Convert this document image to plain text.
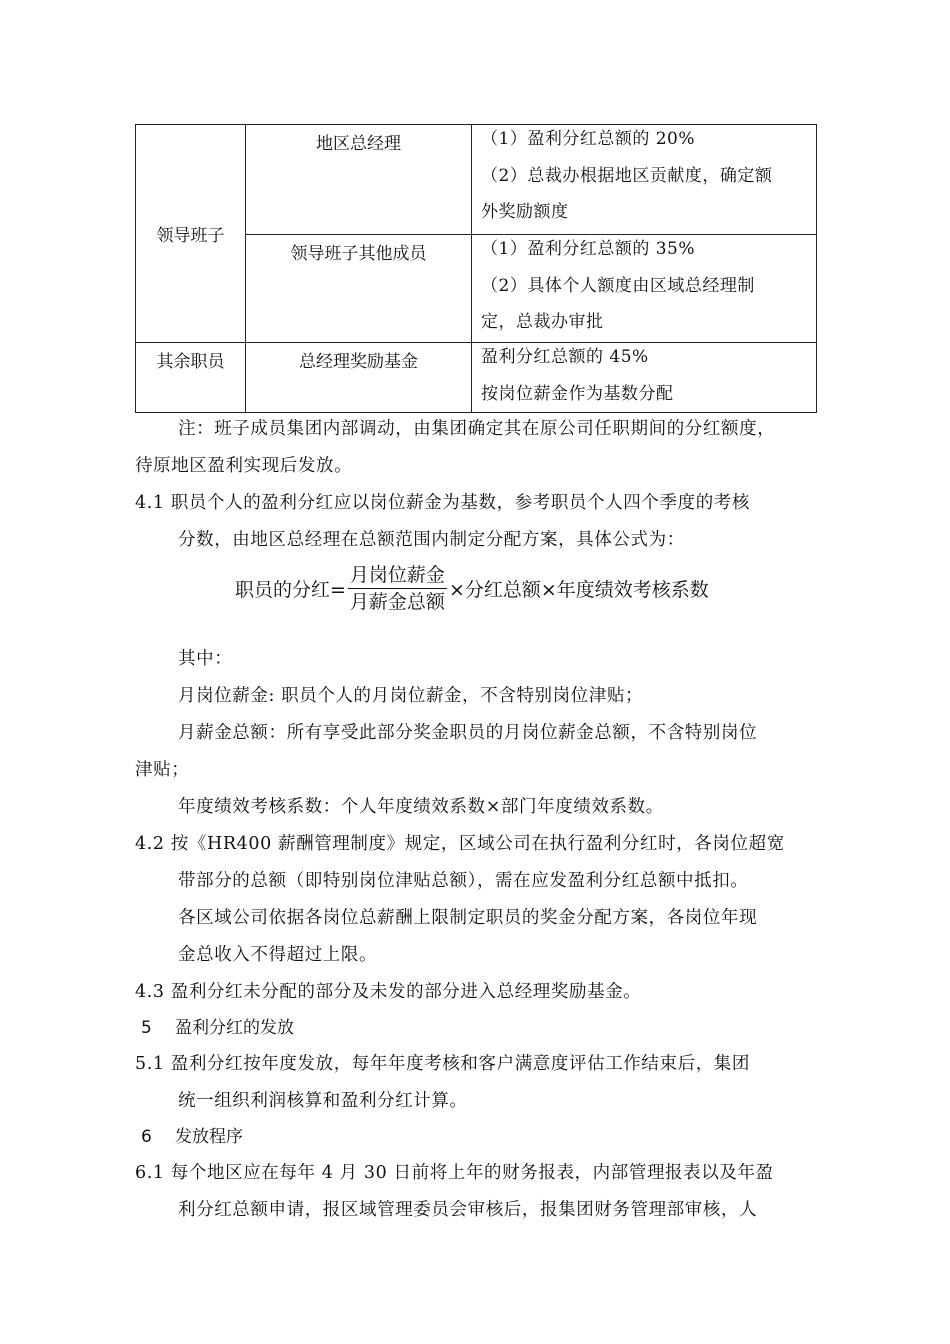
领导班子	地区总经理	（1）盈利分红总额的 20%
（2）总裁办根据地区贡献度，确定额
外奖励额度

	领导班子其他成员	（1）盈利分红总额的 35%
（2）具体个人额度由区域总经理制
定，总裁办审批

其余职员	总经理奖励基金	盈利分红总额的 45%
按岗位薪金作为基数分配
注：班子成员集团内部调动，由集团确定其在原公司任职期间的分红额度，
待原地区盈利实现后发放。
4.1 职员个人的盈利分红应以岗位薪金为基数，参考职员个人四个季度的考核
分数，由地区总经理在总额范围内制定分配方案，具体公式为：
职员的分红= $\frac{\text{月岗位薪金}}{\text{月薪金总额}}$ ×分红总额×年度绩效考核系数
其中：
月岗位薪金: 职员个人的月岗位薪金，不含特别岗位津贴；
月薪金总额：所有享受此部分奖金职员的月岗位薪金总额，不含特别岗位
津贴；
年度绩效考核系数：个人年度绩效系数×部门年度绩效系数。
4.2 按《HR400 薪酬管理制度》规定，区域公司在执行盈利分红时，各岗位超宽
带部分的总额（即特别岗位津贴总额），需在应发盈利分红总额中抵扣。
各区域公司依据各岗位总薪酬上限制定职员的奖金分配方案，各岗位年现
金总收入不得超过上限。
4.3 盈利分红未分配的部分及未发的部分进入总经理奖励基金。
5 盈利分红的发放
5.1 盈利分红按年度发放，每年年度考核和客户满意度评估工作结束后，集团
统一组织利润核算和盈利分红计算。
6 发放程序
6.1 每个地区应在每年 4 月 30 日前将上年的财务报表，内部管理报表以及年盈
利分红总额申请，报区域管理委员会审核后，报集团财务管理部审核，人
